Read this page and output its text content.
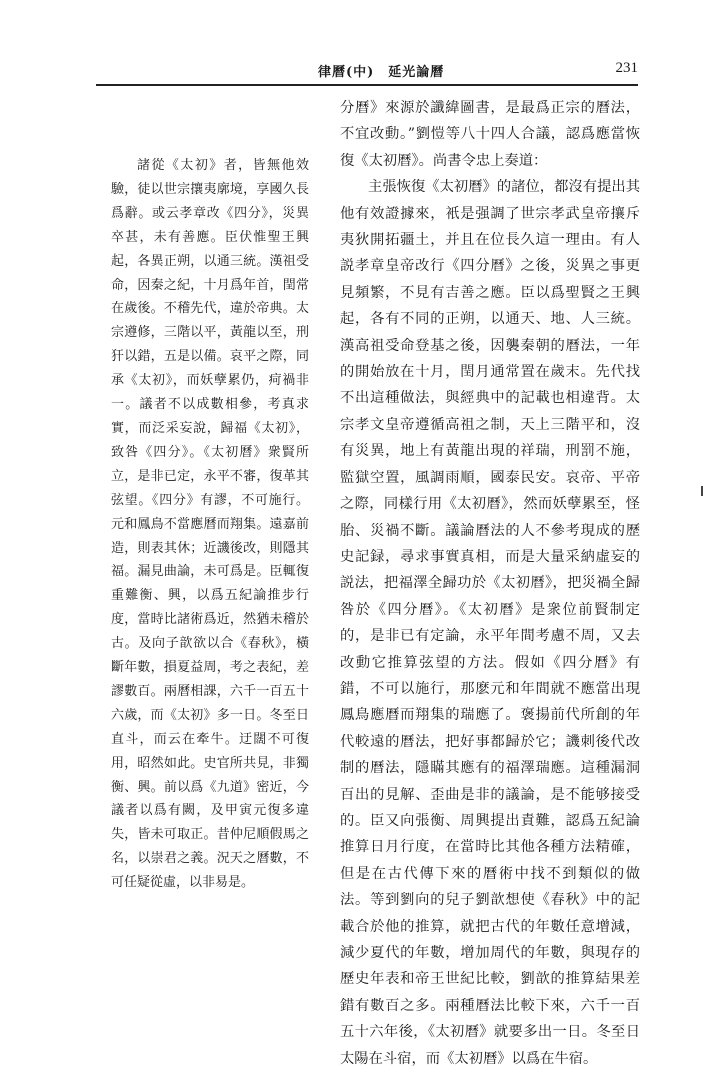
律曆(中)　延光論曆	231

諸從《太初》者，皆無他效驗，徒以世宗攘夷廓境，享國久長爲辭。或云孝章改《四分》，災異卒甚，未有善應。臣伏惟聖王興起，各異正朔，以通三統。漢祖受命，因秦之紀，十月爲年首，閏常在歲後。不稽先代，違於帝典。太宗遵修，三階以平，黃龍以至，刑犴以錯，五是以備。哀平之際，同承《太初》，而妖孽累仍，疴禍非一。議者不以成數相參，考真求實，而泛采妄說，歸福《太初》，致咎《四分》。《太初曆》衆賢所立，是非已定，永平不審，復革其弦望。《四分》有謬，不可施行。元和鳳鳥不當應曆而翔集。遠嘉前造，則表其休；近譏後改，則隱其福。漏見曲論，未可爲是。臣輒復重難衡、興，以爲五紀論推步行度，當時比諸術爲近，然猶未稽於古。及向子歆欲以合《春秋》，橫斷年數，損夏益周，考之表紀，差謬數百。兩曆相課，六千一百五十六歲，而《太初》多一日。冬至日直斗，而云在牽牛。迂闊不可復用，昭然如此。史官所共見，非獨衡、興。前以爲《九道》密近，今議者以爲有闕，及甲寅元復多違失，皆未可取正。昔仲尼順假馬之名，以崇君之義。況天之曆數，不可任疑從虛，以非易是。

分曆》來源於讖緯圖書，是最爲正宗的曆法，不宜改動。”劉愷等八十四人合議，認爲應當恢復《太初曆》。尚書令忠上奏道：

主張恢復《太初曆》的諸位，都沒有提出其他有效證據來，衹是强調了世宗孝武皇帝攘斥夷狄開拓疆土，并且在位長久這一理由。有人説孝章皇帝改行《四分曆》之後，災異之事更見頻繁，不見有吉善之應。臣以爲聖賢之王興起，各有不同的正朔，以通天、地、人三統。漢高祖受命登基之後，因襲秦朝的曆法，一年的開始放在十月，閏月通常置在歲末。先代找不出這種做法，與經典中的記載也相違背。太宗孝文皇帝遵循高祖之制，天上三階平和，沒有災異，地上有黃龍出現的祥瑞，刑罰不施，監獄空置，風調雨順，國泰民安。哀帝、平帝之際，同樣行用《太初曆》，然而妖孽累至，怪胎、災禍不斷。議論曆法的人不參考現成的歷史記録，尋求事實真相，而是大量采納虛妄的説法，把福澤全歸功於《太初曆》，把災禍全歸咎於《四分曆》。《太初曆》是衆位前賢制定的，是非已有定論，永平年間考慮不周，又去改動它推算弦望的方法。假如《四分曆》有錯，不可以施行，那麽元和年間就不應當出現鳳鳥應曆而翔集的瑞應了。褒揚前代所創的年代較遠的曆法，把好事都歸於它；譏刺後代改制的曆法，隱瞞其應有的福澤瑞應。這種漏洞百出的見解、歪曲是非的議論，是不能够接受的。臣又向張衡、周興提出責難，認爲五紀論推算日月行度，在當時比其他各種方法精確，但是在古代傳下來的曆術中找不到類似的做法。等到劉向的兒子劉歆想使《春秋》中的記載合於他的推算，就把古代的年數任意增減，減少夏代的年數，增加周代的年數，與現存的歷史年表和帝王世紀比較，劉歆的推算結果差錯有數百之多。兩種曆法比較下來，六千一百五十六年後，《太初曆》就要多出一日。冬至日太陽在斗宿，而《太初曆》以爲在牛宿。
